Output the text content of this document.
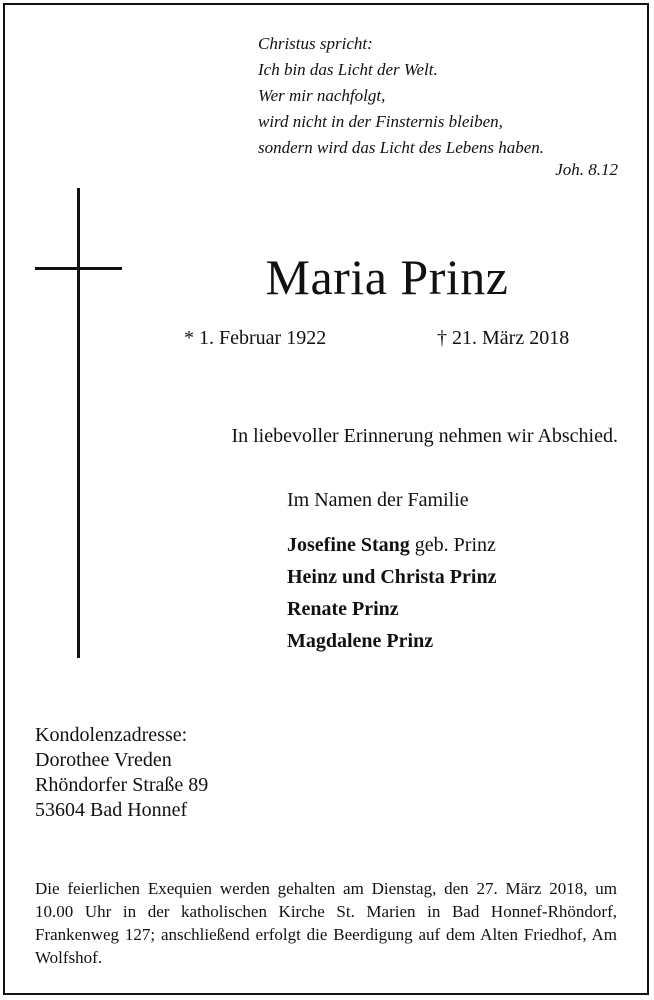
Christus spricht:
Ich bin das Licht der Welt.
Wer mir nachfolgt,
wird nicht in der Finsternis bleiben,
sondern wird das Licht des Lebens haben.
Joh. 8.12
Maria Prinz
* 1. Februar 1922	† 21. März 2018
In liebevoller Erinnerung nehmen wir Abschied.
Im Namen der Familie
Josefine Stang geb. Prinz
Heinz und Christa Prinz
Renate Prinz
Magdalene Prinz
Kondolenzadresse:
Dorothee Vreden
Rhöndorfer Straße 89
53604 Bad Honnef
Die feierlichen Exequien werden gehalten am Dienstag, den 27. März 2018, um 10.00 Uhr in der katholischen Kirche St. Marien in Bad Honnef-Rhöndorf, Frankenweg 127; anschließend erfolgt die Beerdigung auf dem Alten Friedhof, Am Wolfshof.
